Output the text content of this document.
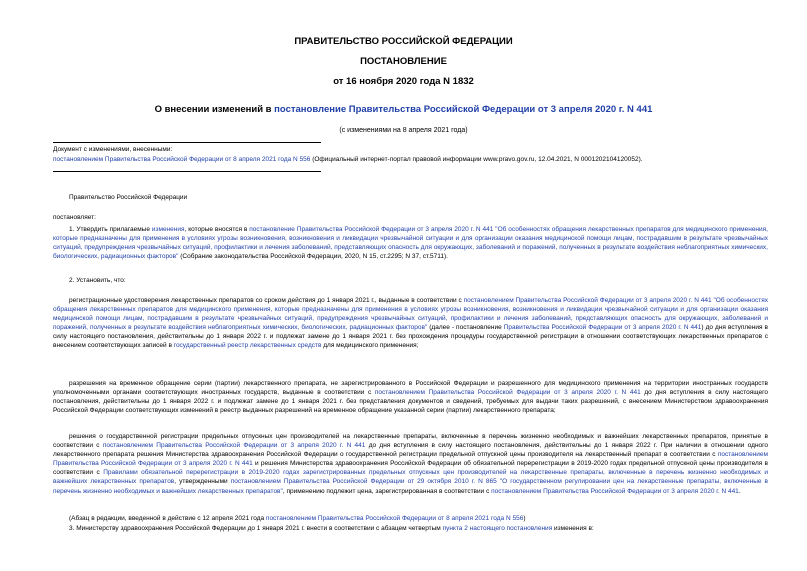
ПРАВИТЕЛЬСТВО РОССИЙСКОЙ ФЕДЕРАЦИИ
ПОСТАНОВЛЕНИЕ
от 16 ноября 2020 года N 1832
О внесении изменений в постановление Правительства Российской Федерации от 3 апреля 2020 г. N 441
(с изменениями на 8 апреля 2021 года)
Документ с изменениями, внесенными:
постановлением Правительства Российской Федерации от 8 апреля 2021 года N 556 (Официальный интернет-портал правовой информации www.pravo.gov.ru, 12.04.2021, N 0001202104120052).
Правительство Российской Федерации
постановляет:
1. Утвердить прилагаемые изменения, которые вносятся в постановление Правительства Российской Федерации от 3 апреля 2020 г. N 441 "Об особенностях обращения лекарственных препаратов для медицинского применения, которые предназначены для применения в условиях угрозы возникновения, возникновения и ликвидации чрезвычайной ситуации и для организации оказания медицинской помощи лицам, пострадавшим в результате чрезвычайных ситуаций, предупреждения чрезвычайных ситуаций, профилактики и лечения заболеваний, представляющих опасность для окружающих, заболеваний и поражений, полученных в результате воздействия неблагоприятных химических, биологических, радиационных факторов" (Собрание законодательства Российской Федерации, 2020, N 15, ст.2295; N 37, ст.5711).
2. Установить, что:
регистрационные удостоверения лекарственных препаратов со сроком действия до 1 января 2021 г., выданные в соответствии с постановлением Правительства Российской Федерации от 3 апреля 2020 г. N 441 "Об особенностях обращения лекарственных препаратов для медицинского применения, которые предназначены для применения в условиях угрозы возникновения, возникновения и ликвидации чрезвычайной ситуации и для организации оказания медицинской помощи лицам, пострадавшим в результате чрезвычайных ситуаций, предупреждения чрезвычайных ситуаций, профилактики и лечения заболеваний, представляющих опасность для окружающих, заболеваний и поражений, полученных в результате воздействия неблагоприятных химических, биологических, радиационных факторов" (далее - постановление Правительства Российской Федерации от 3 апреля 2020 г. N 441) до дня вступления в силу настоящего постановления, действительны до 1 января 2022 г. и подлежат замене до 1 января 2021 г. без прохождения процедуры государственной регистрации в отношении соответствующих лекарственных препаратов с внесением соответствующих записей в государственный реестр лекарственных средств для медицинского применения;
разрешения на временное обращение серии (партии) лекарственного препарата, не зарегистрированного в Российской Федерации и разрешенного для медицинского применения на территории иностранных государств уполномоченными органами соответствующих иностранных государств, выданные в соответствии с постановлением Правительства Российской Федерации от 3 апреля 2020 г. N 441 до дня вступления в силу настоящего постановления, действительны до 1 января 2022 г. и подлежат замене до 1 января 2021 г. без представления документов и сведений, требуемых для выдачи таких разрешений, с внесением Министерством здравоохранения Российской Федерации соответствующих изменений в реестр выданных разрешений на временное обращение указанной серии (партии) лекарственного препарата;
решения о государственной регистрации предельных отпускных цен производителей на лекарственные препараты, включенные в перечень жизненно необходимых и важнейших лекарственных препаратов, принятые в соответствии с постановлением Правительства Российской Федерации от 3 апреля 2020 г. N 441 до дня вступления в силу настоящего постановления, действительны до 1 января 2022 г. При наличии в отношении одного лекарственного препарата решения Министерства здравоохранения Российской Федерации о государственной регистрации предельной отпускной цены производителя на лекарственный препарат в соответствии с постановлением Правительства Российской Федерации от 3 апреля 2020 г. N 441 и решения Министерства здравоохранения Российской Федерации об обязательной перерегистрации в 2019-2020 годах предельной отпускной цены производителя в соответствии с Правилами обязательной перерегистрации в 2019-2020 годах зарегистрированных предельных отпускных цен производителей на лекарственные препараты, включенные в перечень жизненно необходимых и важнейших лекарственных препаратов, утвержденными постановлением Правительства Российской Федерации от 29 октября 2010 г. N 865 "О государственном регулировании цен на лекарственные препараты, включенные в перечень жизненно необходимых и важнейших лекарственных препаратов", применению подлежит цена, зарегистрированная в соответствии с постановлением Правительства Российской Федерации от 3 апреля 2020 г. N 441.
(Абзац в редакции, введенной в действие с 12 апреля 2021 года постановлением Правительства Российской Федерации от 8 апреля 2021 года N 556)
3. Министерству здравоохранения Российской Федерации до 1 января 2021 г. внести в соответствии с абзацем четвертым пункта 2 настоящего постановления изменения в:
